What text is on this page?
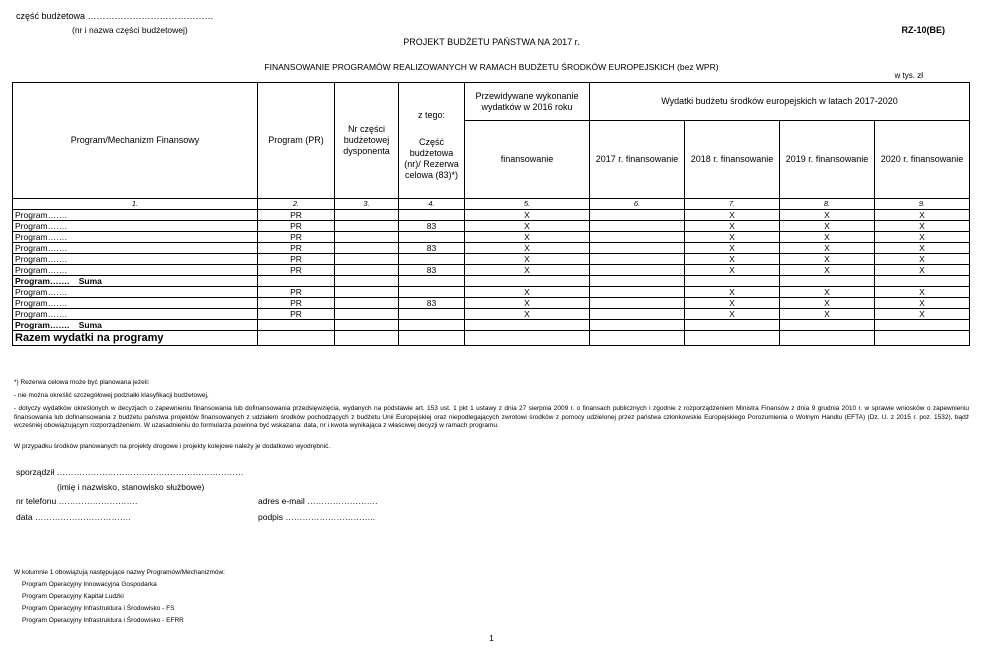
część budżetowa ……………………………………
(nr i nazwa części budżetowej)
PROJEKT BUDŻETU PAŃSTWA NA 2017 r.
RZ-10(BE)
FINANSOWANIE PROGRAMÓW REALIZOWANYCH W RAMACH BUDŻETU ŚRODKÓW EUROPEJSKICH (bez WPR)
w tys. zł
Program/Mechanizm Finansowy	Program (PR)	Nr części budżetowej dysponenta	z tego:	Przewidywane wykonanie wydatków w 2016 roku	Wydatki budżetu środków europejskich w latach 2017-2020			
			Część budżetowa (nr)/ Rezerwa celowa (83)*)	finansowanie	2017 r. finansowanie	2018 r. finansowanie	2019 r. finansowanie	2020 r. finansowanie

1.	2.	3.	4.	5.	6.	7.	8.	9.
Program…….	PR			X		X	X	X
Program…….	PR		83	X		X	X	X
Program…….	PR			X		X	X	X
Program…….	PR		83	X		X	X	X
Program…….	PR			X		X	X	X
Program…….	PR		83	X		X	X	X
Program…….    Suma								
Program…….	PR			X		X	X	X
Program…….	PR		83	X		X	X	X
Program…….	PR			X		X	X	X
Program…….    Suma								
Razem wydatki na programy								
*) Rezerwa celowa może być planowana jeżeli:
- nie można określić szczegółowej podziałki klasyfikacji budżetowej,
- dotyczy wydatków określonych w decyzjach o zapewnieniu finansowania lub dofinansowania przedsięwzięcia, wydanych na podstawie art. 153 ust. 1 pkt 1 ustawy z dnia 27 sierpnia 2009 r. o finansach publicznych i zgodnie z rozporządzeniem Ministra Finansów z dnia 9 grudnia 2010 r. w sprawie wniosków o zapewnieniu finansowania lub dofinansowania z budżetu państwa projektów finansowanych z udziałem środków pochodzących z budżetu Unii Europejskiej oraz niepodlegających zwrotowi środków z pomocy udzielonej przez państwa członkowskie Europejskiego Porozumienia o Wolnym Handlu (EFTA) (Dz. U. z 2015 r. poz. 1532), bądź wcześniej obowiązującym rozporządzeniem. W uzasadnieniu do formularza powinna być wskazana: data, nr i kwota wynikająca z właściwej decyzji w ramach programu.
W przypadku środków planowanych na projekty drogowe i projekty kolejowe należy je dodatkowo wyodrębnić.
sporządził …………………………………………………………
(imię i nazwisko, stanowisko służbowe)
nr telefonu ……………………….	adres e-mail …………………….
data …………………………….	podpis …………………………..
W kolumnie 1 obowiązują następujące nazwy Programów/Mechanizmów:
Program Operacyjny Innowacyjna Gospodarka
Program Operacyjny Kapitał Ludzki
Program Operacyjny Infrastruktura i Środowisko - FS
Program Operacyjny Infrastruktura i Środowisko - EFRR
1
